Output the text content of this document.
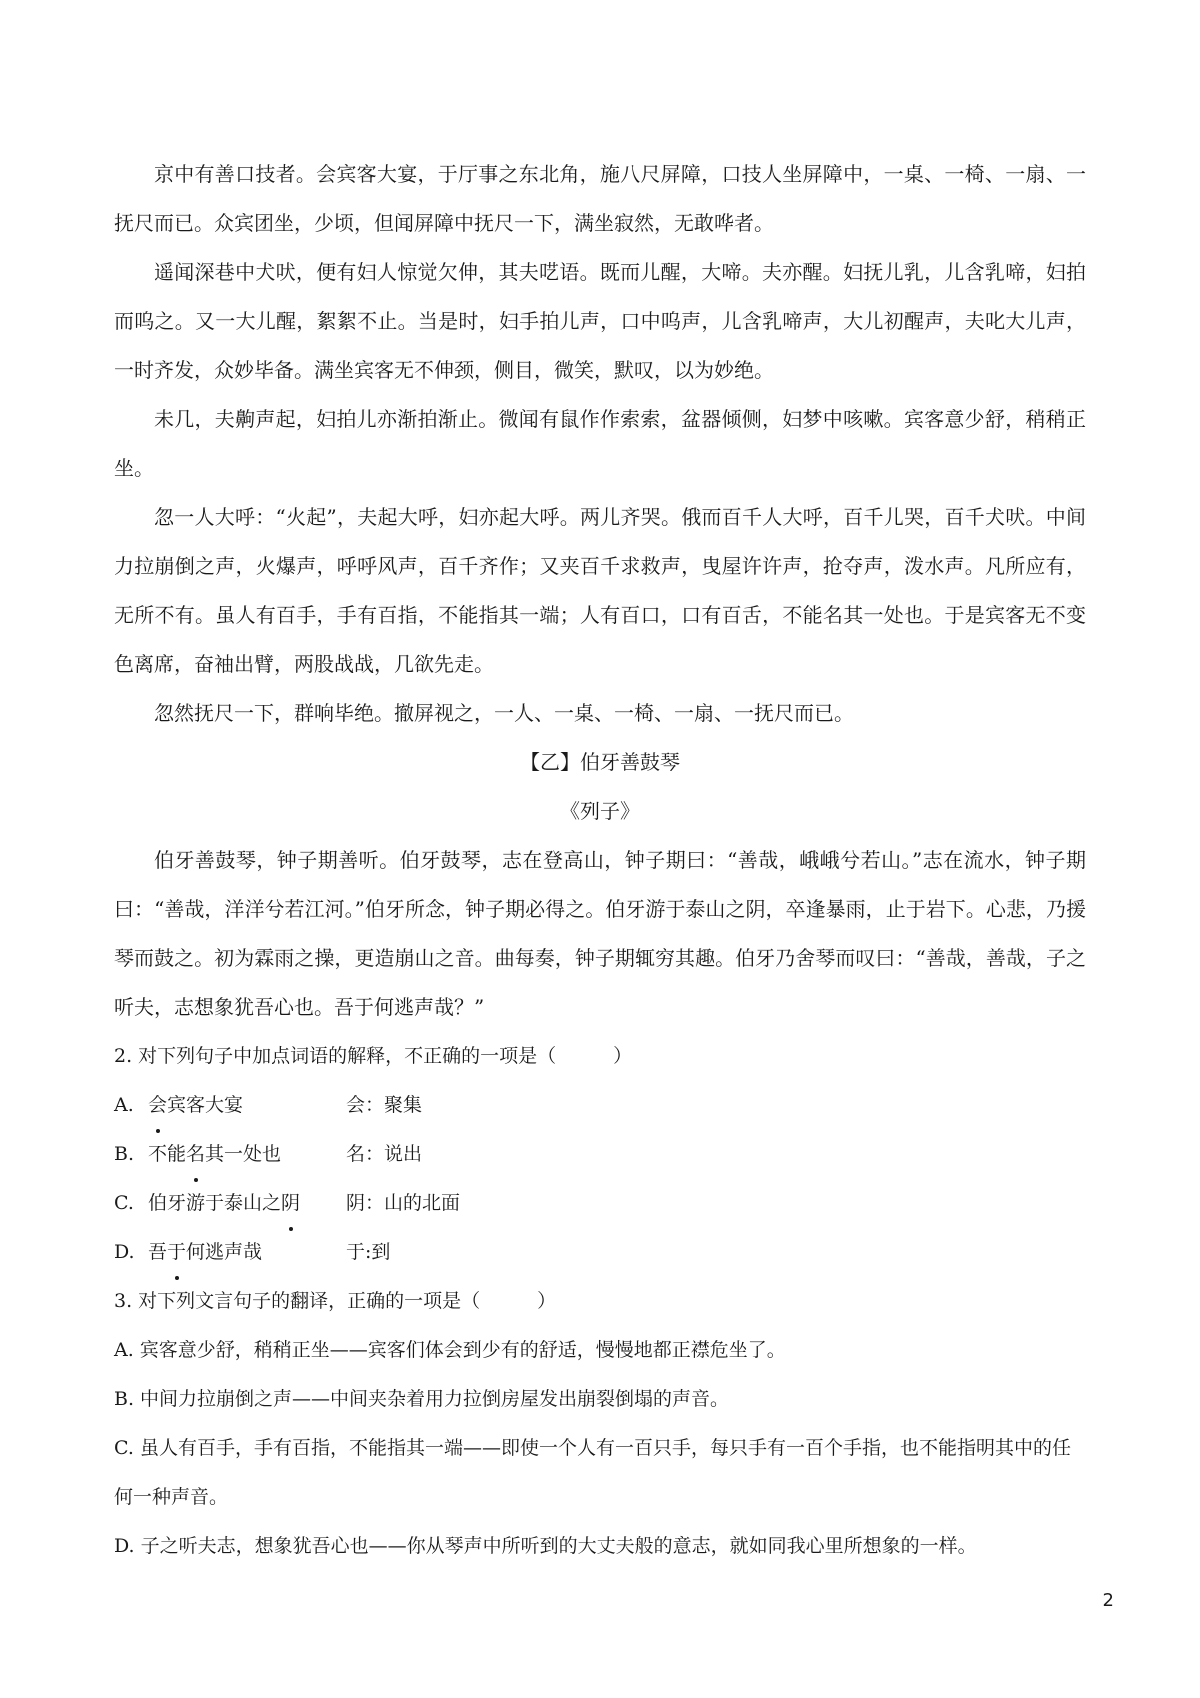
京中有善口技者。会宾客大宴，于厅事之东北角，施八尺屏障，口技人坐屏障中，一桌、一椅、一扇、一抚尺而已。众宾团坐，少顷，但闻屏障中抚尺一下，满坐寂然，无敢哗者。

遥闻深巷中犬吠，便有妇人惊觉欠伸，其夫呓语。既而儿醒，大啼。夫亦醒。妇抚儿乳，儿含乳啼，妇拍而呜之。又一大儿醒，絮絮不止。当是时，妇手拍儿声，口中呜声，儿含乳啼声，大儿初醒声，夫叱大儿声，一时齐发，众妙毕备。满坐宾客无不伸颈，侧目，微笑，默叹，以为妙绝。

未几，夫齁声起，妇拍儿亦渐拍渐止。微闻有鼠作作索索，盆器倾侧，妇梦中咳嗽。宾客意少舒，稍稍正坐。

忽一人大呼：“火起”，夫起大呼，妇亦起大呼。两儿齐哭。俄而百千人大呼，百千儿哭，百千犬吠。中间力拉崩倒之声，火爆声，呼呼风声，百千齐作；又夹百千求救声，曳屋许许声，抢夺声，泼水声。凡所应有，无所不有。虽人有百手，手有百指，不能指其一端；人有百口，口有百舌，不能名其一处也。于是宾客无不变色离席，奋袖出臂，两股战战，几欲先走。

忽然抚尺一下，群响毕绝。撤屏视之，一人、一桌、一椅、一扇、一抚尺而已。

【乙】伯牙善鼓琴

《列子》

伯牙善鼓琴，钟子期善听。伯牙鼓琴，志在登高山，钟子期曰：“善哉，峨峨兮若山。”志在流水，钟子期曰：“善哉，洋洋兮若江河。”伯牙所念，钟子期必得之。伯牙游于泰山之阴，卒逢暴雨，止于岩下。心悲，乃援琴而鼓之。初为霖雨之操，更造崩山之音。曲每奏，钟子期辄穷其趣。伯牙乃舍琴而叹曰：“善哉，善哉，子之听夫，志想象犹吾心也。吾于何逃声哉？”

2. 对下列句子中加点词语的解释，不正确的一项是（　　　）

A. 会宾客大宴	会：聚集
B. 不能名其一处也	名：说出
C. 伯牙游于泰山之阴	阴：山的北面
D. 吾于何逃声哉	于:到

3. 对下列文言句子的翻译，正确的一项是（　　　）

A. 宾客意少舒，稍稍正坐——宾客们体会到少有的舒适，慢慢地都正襟危坐了。

B. 中间力拉崩倒之声——中间夹杂着用力拉倒房屋发出崩裂倒塌的声音。

C. 虽人有百手，手有百指，不能指其一端——即使一个人有一百只手，每只手有一百个手指，也不能指明其中的任何一种声音。

D. 子之听夫志，想象犹吾心也——你从琴声中所听到的大丈夫般的意志，就如同我心里所想象的一样。

2
